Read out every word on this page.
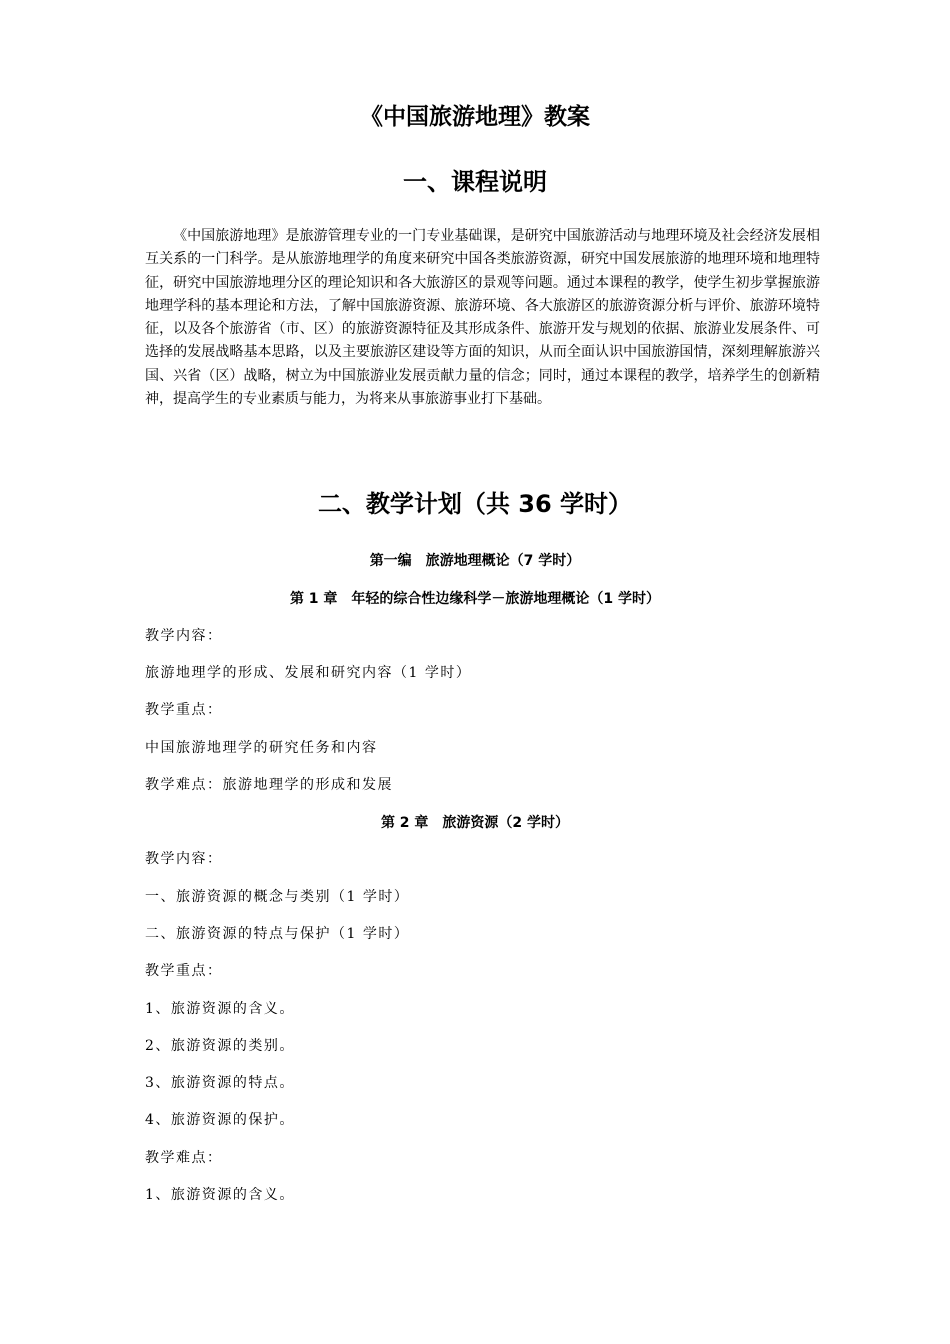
《中国旅游地理》教案
一、课程说明

《中国旅游地理》是旅游管理专业的一门专业基础课，是研究中国旅游活动与地理环境及社会经济发展相互关系的一门科学。是从旅游地理学的角度来研究中国各类旅游资源，研究中国发展旅游的地理环境和地理特征，研究中国旅游地理分区的理论知识和各大旅游区的景观等问题。通过本课程的教学，使学生初步掌握旅游地理学科的基本理论和方法，了解中国旅游资源、旅游环境、各大旅游区的旅游资源分析与评价、旅游环境特征，以及各个旅游省（市、区）的旅游资源特征及其形成条件、旅游开发与规划的依据、旅游业发展条件、可选择的发展战略基本思路，以及主要旅游区建设等方面的知识，从而全面认识中国旅游国情，深刻理解旅游兴国、兴省（区）战略，树立为中国旅游业发展贡献力量的信念；同时，通过本课程的教学，培养学生的创新精神，提高学生的专业素质与能力，为将来从事旅游事业打下基础。

二、教学计划（共 36 学时）
第一编　旅游地理概论（7 学时）
第 1 章　年轻的综合性边缘科学－旅游地理概论（1 学时）
教学内容：
旅游地理学的形成、发展和研究内容（1 学时）
教学重点：
中国旅游地理学的研究任务和内容
教学难点：旅游地理学的形成和发展
第 2 章　旅游资源（2 学时）
教学内容：
一、旅游资源的概念与类别（1 学时）
二、旅游资源的特点与保护（1 学时）
教学重点：
1、旅游资源的含义。
2、旅游资源的类别。
3、旅游资源的特点。
4、旅游资源的保护。
教学难点：
1、旅游资源的含义。
